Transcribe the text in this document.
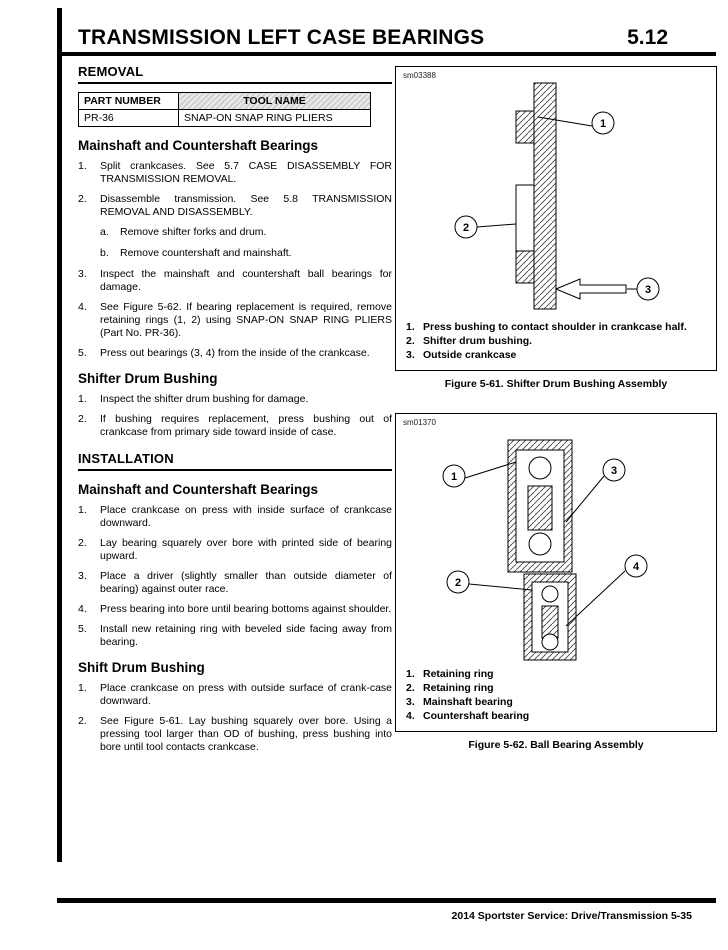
TRANSMISSION LEFT CASE BEARINGS	5.12
REMOVAL
PART NUMBER	TOOL NAME
PR-36	SNAP-ON SNAP RING PLIERS
Mainshaft and Countershaft Bearings
1.	Split crankcases. See 5.7 CASE DISASSEMBLY FOR TRANSMISSION REMOVAL.
2.	Disassemble transmission. See 5.8 TRANSMISSION REMOVAL AND DISASSEMBLY.
a.	Remove shifter forks and drum.
b.	Remove countershaft and mainshaft.
3.	Inspect the mainshaft and countershaft ball bearings for damage.
4.	See Figure 5-62. If bearing replacement is required, remove retaining rings (1, 2) using SNAP-ON SNAP RING PLIERS (Part No. PR-36).
5.	Press out bearings (3, 4) from the inside of the crankcase.
Shifter Drum Bushing
1.	Inspect the shifter drum bushing for damage.
2.	If bushing requires replacement, press bushing out of crankcase from primary side toward inside of case.
INSTALLATION
Mainshaft and Countershaft Bearings
1.	Place crankcase on press with inside surface of crankcase downward.
2.	Lay bearing squarely over bore with printed side of bearing upward.
3.	Place a driver (slightly smaller than outside diameter of bearing) against outer race.
4.	Press bearing into bore until bearing bottoms against shoulder.
5.	Install new retaining ring with beveled side facing away from bearing.
Shift Drum Bushing
1.	Place crankcase on press with outside surface of crank-case downward.
2.	See Figure 5-61. Lay bushing squarely over bore. Using a pressing tool larger than OD of bushing, press bushing into bore until tool contacts crankcase.
sm03388
1
2
3
1. Press bushing to contact shoulder in crankcase half.
2. Shifter drum bushing.
3. Outside crankcase
Figure 5-61. Shifter Drum Bushing Assembly
sm01370
1	3
2
4
1. Retaining ring
2. Retaining ring
3. Mainshaft bearing
4. Countershaft bearing
Figure 5-62. Ball Bearing Assembly
2014 Sportster Service: Drive/Transmission 5-35
